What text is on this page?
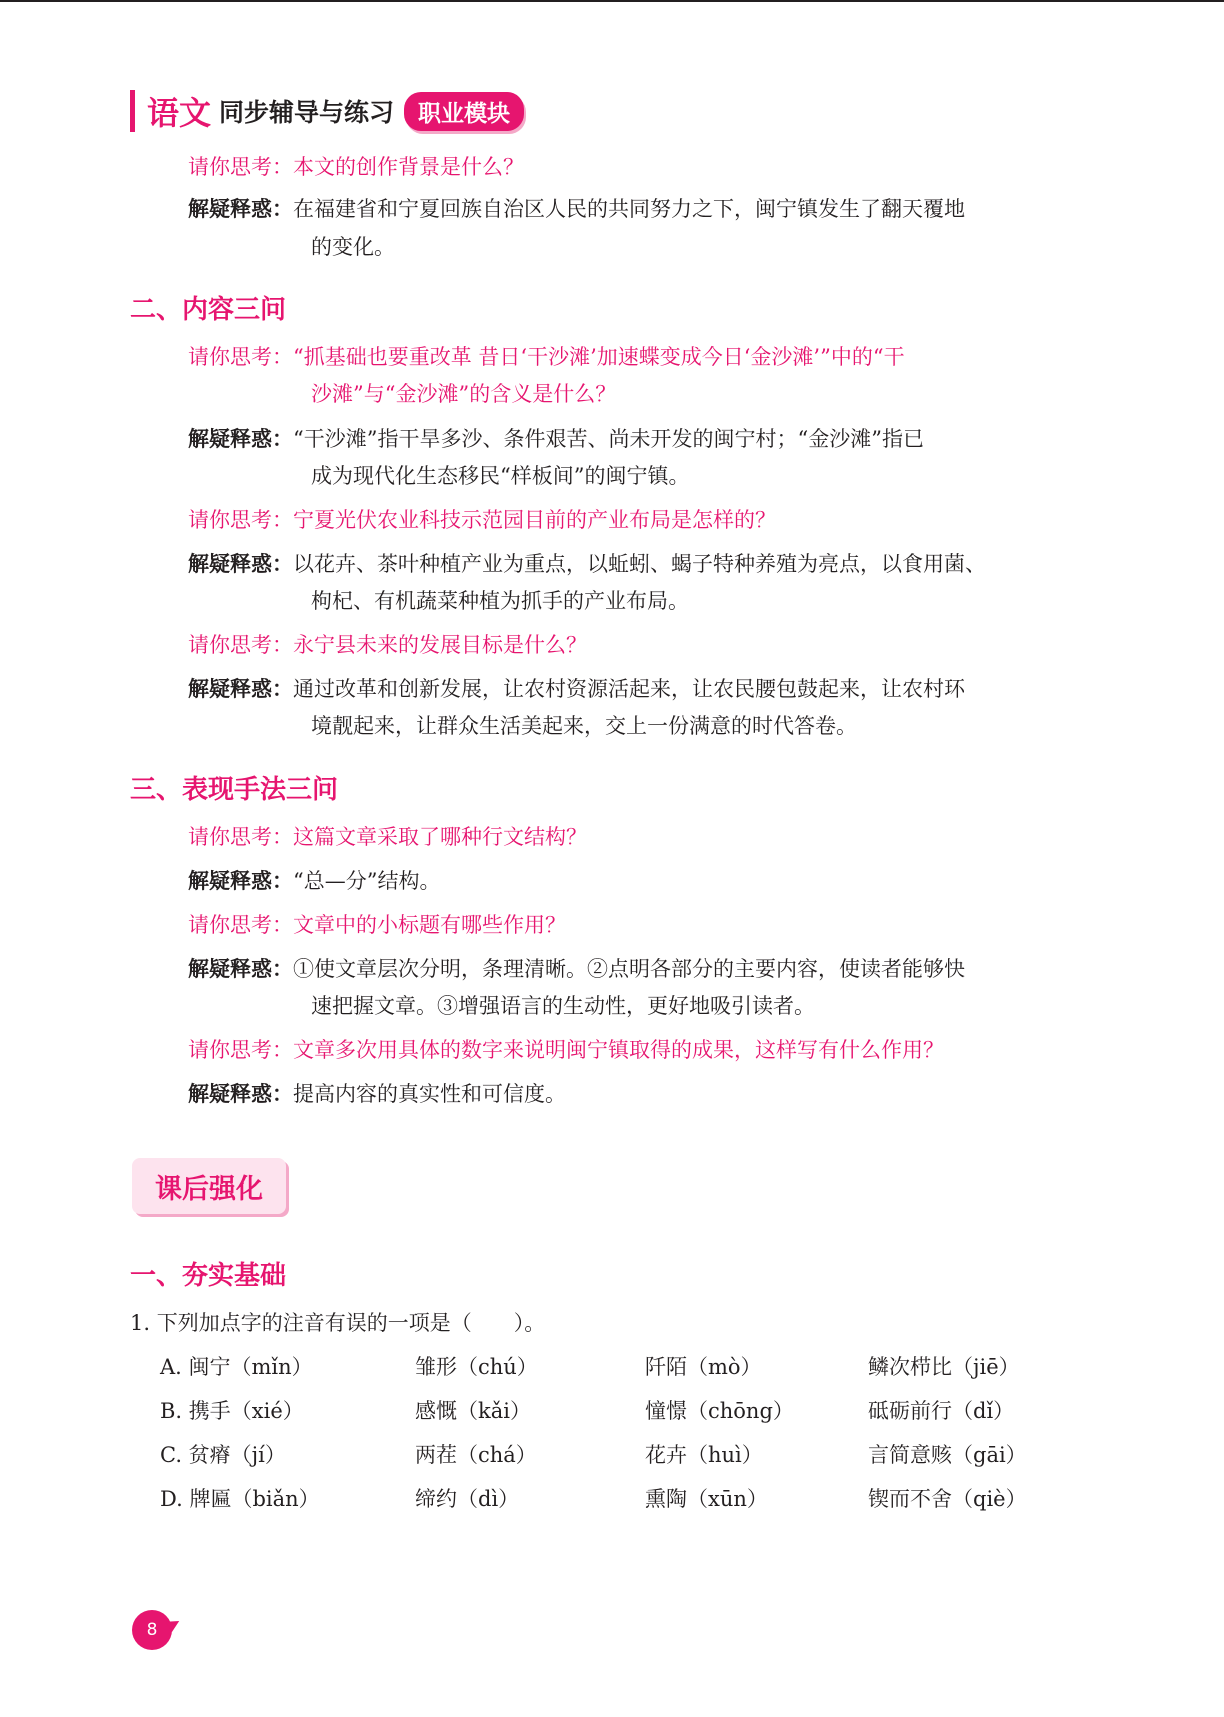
语文 同步辅导与练习	职业模块
请你思考：本文的创作背景是什么？
解疑释惑：在福建省和宁夏回族自治区人民的共同努力之下，闽宁镇发生了翻天覆地
的变化。
二、内容三问
请你思考：“抓基础也要重改革 昔日‘干沙滩’加速蝶变成今日‘金沙滩’”中的“干
沙滩”与“金沙滩”的含义是什么？
解疑释惑：“干沙滩”指干旱多沙、条件艰苦、尚未开发的闽宁村；“金沙滩”指已
成为现代化生态移民“样板间”的闽宁镇。
请你思考：宁夏光伏农业科技示范园目前的产业布局是怎样的？
解疑释惑：以花卉、茶叶种植产业为重点，以蚯蚓、蝎子特种养殖为亮点，以食用菌、
枸杞、有机蔬菜种植为抓手的产业布局。
请你思考：永宁县未来的发展目标是什么？
解疑释惑：通过改革和创新发展，让农村资源活起来，让农民腰包鼓起来，让农村环
境靓起来，让群众生活美起来，交上一份满意的时代答卷。
三、表现手法三问
请你思考：这篇文章采取了哪种行文结构？
解疑释惑：“总—分”结构。
请你思考：文章中的小标题有哪些作用？
解疑释惑：①使文章层次分明，条理清晰。②点明各部分的主要内容，使读者能够快
速把握文章。③增强语言的生动性，更好地吸引读者。
请你思考：文章多次用具体的数字来说明闽宁镇取得的成果，这样写有什么作用？
解疑释惑：提高内容的真实性和可信度。
课后强化
一、夯实基础
1. 下列加点字的注音有误的一项是（　　）。
A. 闽宁（mǐn）	雏形（chú）	阡陌（mò）	鳞次栉比（jiē）
B. 携手（xié）	感慨（kǎi）	憧憬（chōng）	砥砺前行（dǐ）
C. 贫瘠（jí）	两茬（chá）	花卉（huì）	言简意赅（gāi）
D. 牌匾（biǎn）	缔约（dì）	熏陶（xūn）	锲而不舍（qiè）
8
